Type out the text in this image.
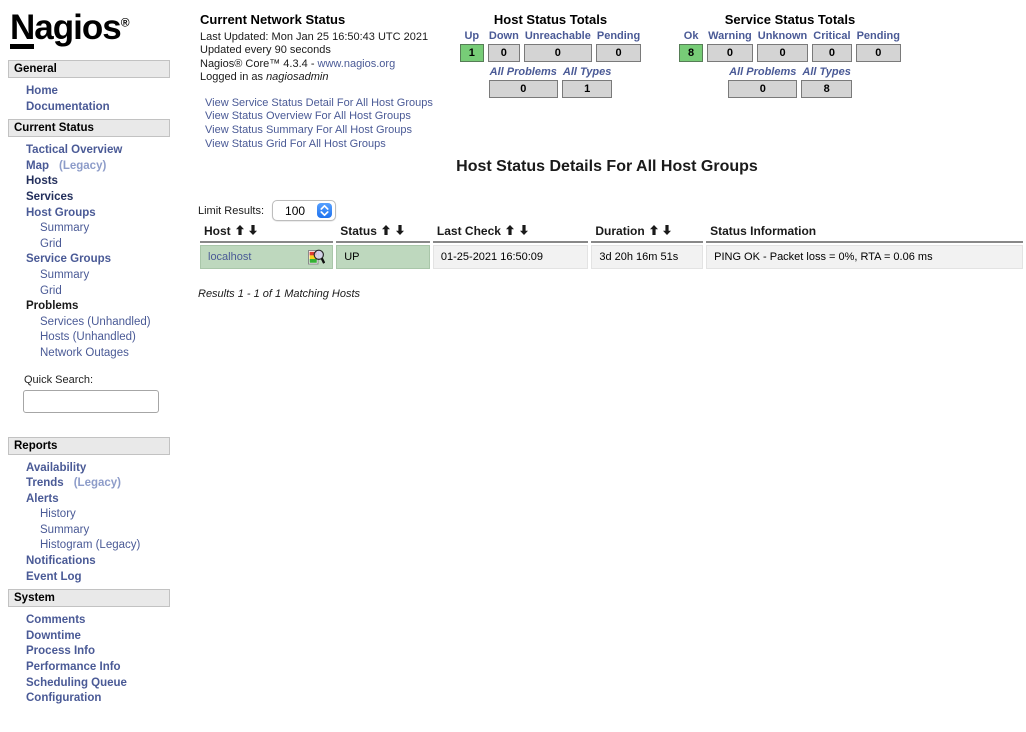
Nagios®
General
Home
Documentation
Current Status
Tactical Overview
Map (Legacy)
Hosts
Services
Host Groups
Summary
Grid
Service Groups
Summary
Grid
Problems
Services (Unhandled)
Hosts (Unhandled)
Network Outages
Quick Search:
Reports
Availability
Trends (Legacy)
Alerts
History
Summary
Histogram (Legacy)
Notifications
Event Log
System
Comments
Downtime
Process Info
Performance Info
Scheduling Queue
Configuration
Current Network Status
Last Updated: Mon Jan 25 16:50:43 UTC 2021
Updated every 90 seconds
Nagios® Core™ 4.3.4 - www.nagios.org
Logged in as nagiosadmin
View Service Status Detail For All Host Groups
View Status Overview For All Host Groups
View Status Summary For All Host Groups
View Status Grid For All Host Groups
Host Status Totals
Up	Down	Unreachable	Pending
1	0	0	0
All Problems	All Types
0	1
Service Status Totals
Ok	Warning	Unknown	Critical	Pending
8	0	0	0	0
All Problems	All Types
0	8
Host Status Details For All Host Groups
Limit Results: 100
Host	Status	Last Check	Duration	Status Information

localhost	UP	01-25-2021 16:50:09	3d 20h 16m 51s	PING OK - Packet loss = 0%, RTA = 0.06 ms
Results 1 - 1 of 1 Matching Hosts
